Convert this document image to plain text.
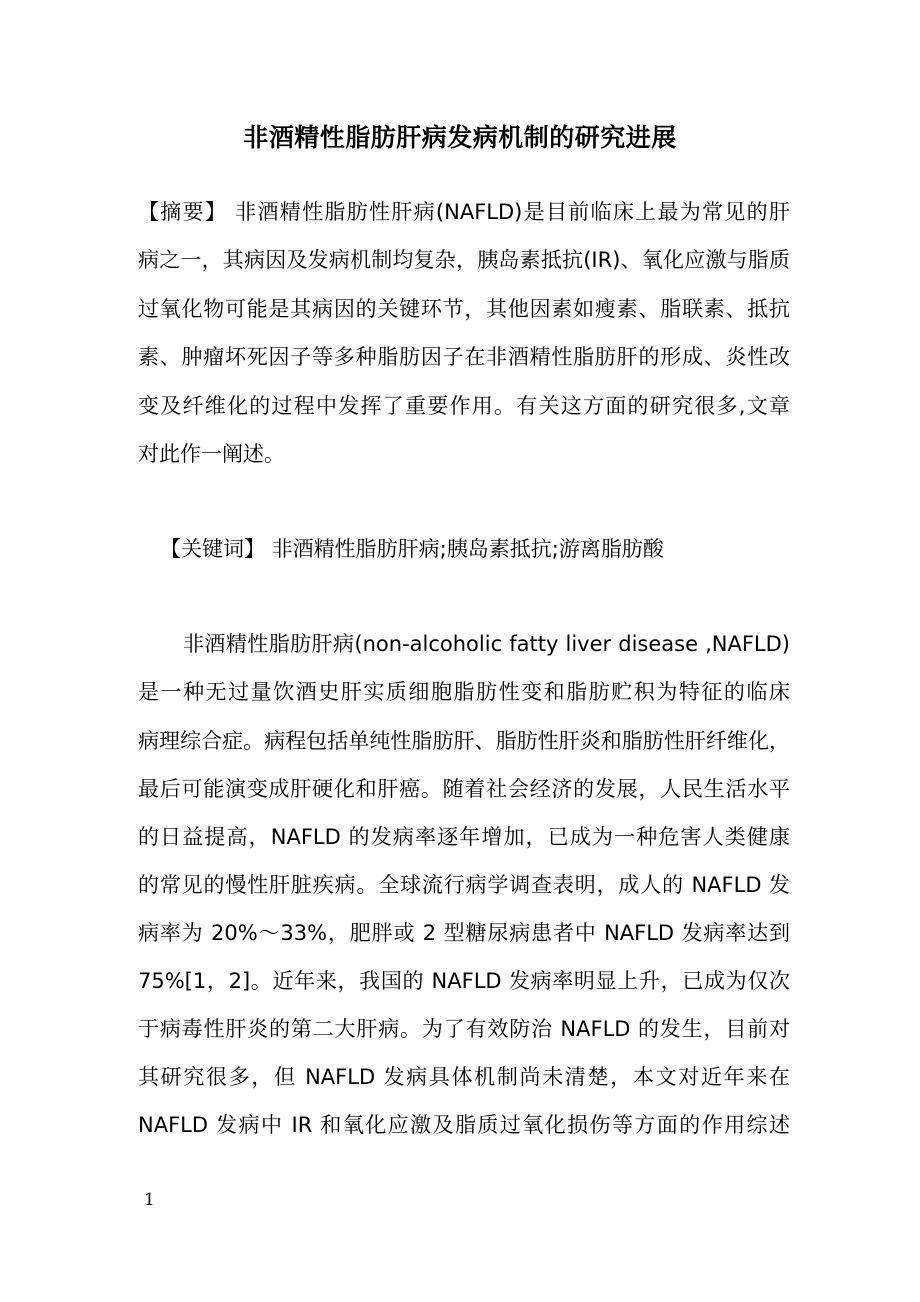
非酒精性脂肪肝病发病机制的研究进展
【摘要】 非酒精性脂肪性肝病(NAFLD)是目前临床上最为常见的肝
病之一，其病因及发病机制均复杂，胰岛素抵抗(IR)、氧化应激与脂质
过氧化物可能是其病因的关键环节，其他因素如瘦素、脂联素、抵抗
素、肿瘤坏死因子等多种脂肪因子在非酒精性脂肪肝的形成、炎性改
变及纤维化的过程中发挥了重要作用。有关这方面的研究很多,文章
对此作一阐述。
【关键词】 非酒精性脂肪肝病;胰岛素抵抗;游离脂肪酸
非酒精性脂肪肝病(non-alcoholic fatty liver disease ,NAFLD)
是一种无过量饮酒史肝实质细胞脂肪性变和脂肪贮积为特征的临床
病理综合症。病程包括单纯性脂肪肝、脂肪性肝炎和脂肪性肝纤维化，
最后可能演变成肝硬化和肝癌。随着社会经济的发展，人民生活水平
的日益提高，NAFLD 的发病率逐年增加，已成为一种危害人类健康
的常见的慢性肝脏疾病。全球流行病学调查表明，成人的 NAFLD 发
病率为 20%～33%，肥胖或 2 型糖尿病患者中 NAFLD 发病率达到
75%[1，2]。近年来，我国的 NAFLD 发病率明显上升，已成为仅次
于病毒性肝炎的第二大肝病。为了有效防治 NAFLD 的发生，目前对
其研究很多，但 NAFLD 发病具体机制尚未清楚，本文对近年来在
NAFLD 发病中 IR 和氧化应激及脂质过氧化损伤等方面的作用综述
1
